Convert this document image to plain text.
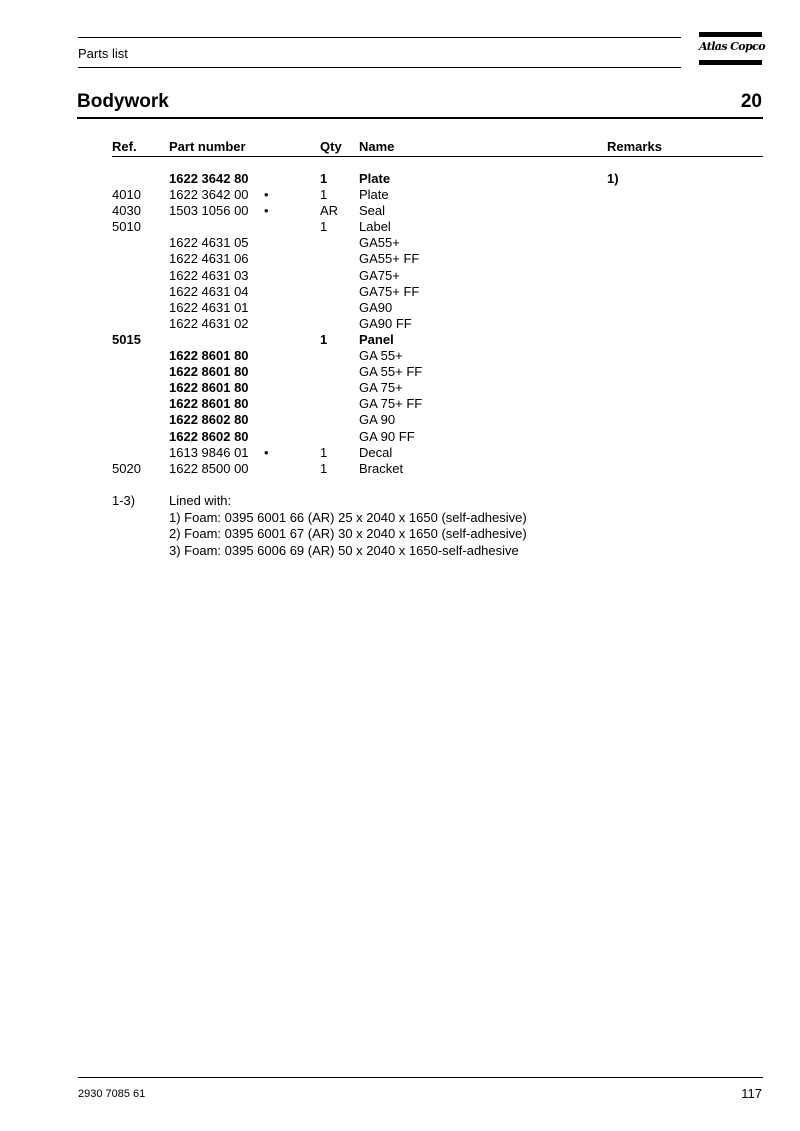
Parts list	Atlas Copco
Bodywork	20
Ref. Part number	Qty Name	Remarks
1622 3642 80	1 Plate	1)
4010 1622 3642 00 •	1 Plate
4030 1503 1056 00 •	AR Seal
5010	1 Label
1622 4631 05	GA55+
1622 4631 06	GA55+ FF
1622 4631 03	GA75+
1622 4631 04	GA75+ FF
1622 4631 01	GA90
1622 4631 02	GA90 FF
5015	1 Panel
1622 8601 80	GA 55+
1622 8601 80	GA 55+ FF
1622 8601 80	GA 75+
1622 8601 80	GA 75+ FF
1622 8602 80	GA 90
1622 8602 80	GA 90 FF
1613 9846 01 •	1 Decal
5020 1622 8500 00	1 Bracket
1-3)	Lined with:
1) Foam: 0395 6001 66 (AR) 25 x 2040 x 1650 (self-adhesive)
2) Foam: 0395 6001 67 (AR) 30 x 2040 x 1650 (self-adhesive)
3) Foam: 0395 6006 69 (AR) 50 x 2040 x 1650-self-adhesive
2930 7085 61	117
